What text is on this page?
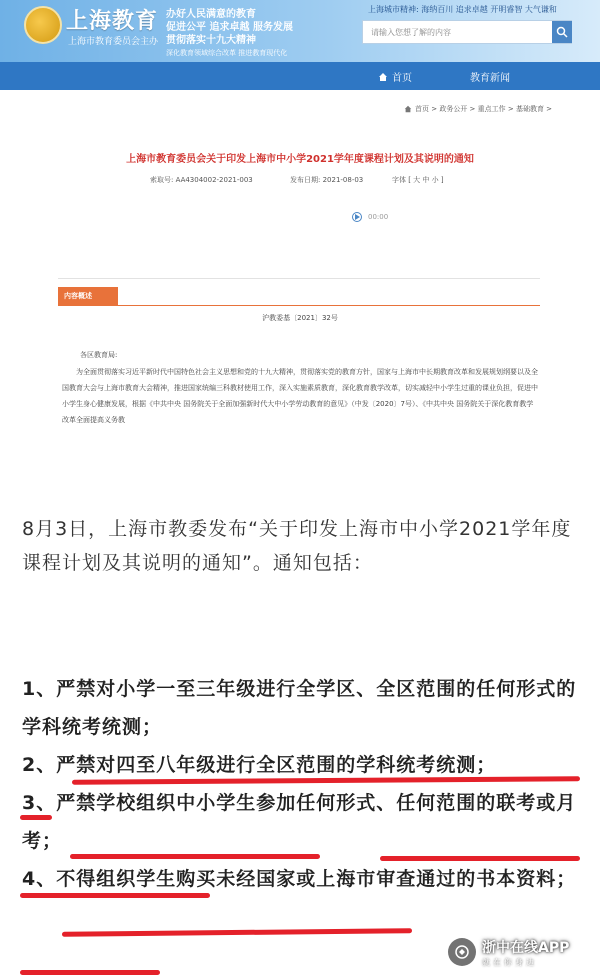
上海教育
上海市教育委员会主办
办好人民满意的教育
促进公平 追求卓越 服务发展
贯彻落实十九大精神
深化教育领域综合改革 推进教育现代化
上海城市精神: 海纳百川 追求卓越 开明睿智 大气谦和
请输入您想了解的内容
首页	教育新闻
首页 > 政务公开 > 重点工作 > 基础教育 >
上海市教育委员会关于印发上海市中小学2021学年度课程计划及其说明的通知
索取号: AA4304002-2021-003	发布日期: 2021-08-03	字体 [ 大 中 小 ]
00:00
内容概述
沪教委基〔2021〕32号
各区教育局:
为全面贯彻落实习近平新时代中国特色社会主义思想和党的十九大精神，贯彻落实党的教育方针，国家与上海市中长期教育改革和发展规划纲要以及全国教育大会与上海市教育大会精神，推进国家统编三科教材使用工作，深入实施素质教育，深化教育教学改革，切实减轻中小学生过重的课业负担，促进中小学生身心健康发展，根据《中共中央 国务院关于全面加强新时代大中小学劳动教育的意见》（中发〔2020〕7号）、《中共中央 国务院关于深化教育教学改革全面提高义务教

8月3日，上海市教委发布“关于印发上海市中小学2021学年度课程计划及其说明的通知”。通知包括：

1、严禁对小学一至三年级进行全学区、全区范围的任何形式的学科统考统测；

2、严禁对四至八年级进行全区范围的学科统考统测；

3、严禁学校组织中小学生参加任何形式、任何范围的联考或月考；

4、不得组织学生购买未经国家或上海市审查通过的书本资料；

浙中在线APP
就在你身边
